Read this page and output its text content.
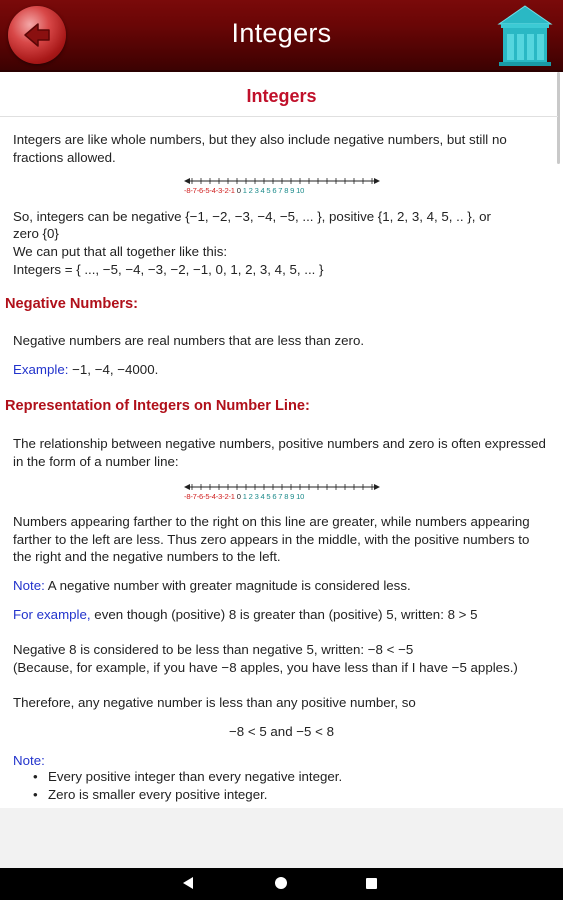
Integers
Integers
Integers are like whole numbers, but they also include negative numbers, but still no fractions allowed.
-8-7-6-5-4-3-2-1 0 1 2 3 4 5 6 7 8 9 10
So, integers can be negative {−1, −2, −3, −4, −5, ... }, positive {1, 2, 3, 4, 5, .. }, or
zero {0}
We can put that all together like this:
Integers = { ..., −5, −4, −3, −2, −1, 0, 1, 2, 3, 4, 5, ... }
Negative Numbers:
Negative numbers are real numbers that are less than zero.
Example: −1, −4, −4000.
Representation of Integers on Number Line:
The relationship between negative numbers, positive numbers and zero is often expressed in the form of a number line:
-8-7-6-5-4-3-2-1 0 1 2 3 4 5 6 7 8 9 10
Numbers appearing farther to the right on this line are greater, while numbers appearing farther to the left are less. Thus zero appears in the middle, with the positive numbers to the right and the negative numbers to the left.
Note: A negative number with greater magnitude is considered less.
For example, even though (positive) 8 is greater than (positive) 5, written: 8 > 5
Negative 8 is considered to be less than negative 5, written: −8 < −5
(Because, for example, if you have −8 apples, you have less than if I have −5 apples.)
Therefore, any negative number is less than any positive number, so
−8 < 5 and −5 < 8
Note:
• Every positive integer than every negative integer.
• Zero is smaller every positive integer.
